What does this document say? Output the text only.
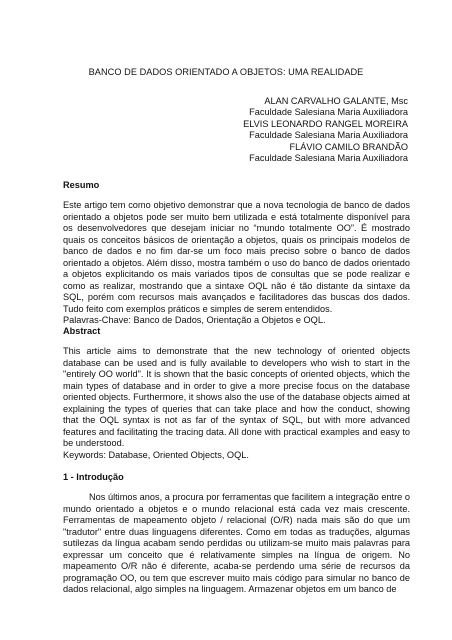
BANCO DE DADOS ORIENTADO A OBJETOS: UMA REALIDADE
ALAN CARVALHO GALANTE, Msc
Faculdade Salesiana Maria Auxiliadora
ELVIS LEONARDO RANGEL MOREIRA
Faculdade Salesiana Maria Auxiliadora
FLÁVIO CAMILO BRANDÃO
Faculdade Salesiana Maria Auxiliadora

Resumo

Este artigo tem como objetivo demonstrar que a nova tecnologia de banco de dados orientado a objetos pode ser muito bem utilizada e está totalmente disponível para os desenvolvedores que desejam iniciar no “mundo totalmente OO”. É mostrado quais os conceitos básicos de orientação a objetos, quais os principais modelos de banco de dados e no fim dar-se um foco mais preciso sobre o banco de dados orientado a objetos. Além disso, mostra também o uso do banco de dados orientado a objetos explicitando os mais variados tipos de consultas que se pode realizar e como as realizar, mostrando que a sintaxe OQL não é tão distante da sintaxe da SQL, porém com recursos mais avançados e facilitadores das buscas dos dados. Tudo feito com exemplos práticos e simples de serem entendidos.

Palavras-Chave: Banco de Dados, Orientação a Objetos e OQL.

Abstract

This article aims to demonstrate that the new technology of oriented objects database can be used and is fully available to developers who wish to start in the "entirely OO world". It is shown that the basic concepts of oriented objects, which the main types of database and in order to give a more precise focus on the database oriented objects. Furthermore, it shows also the use of the database objects aimed at explaining the types of queries that can take place and how the conduct, showing that the OQL syntax is not as far of the syntax of SQL, but with more advanced features and facilitating the tracing data. All done with practical examples and easy to be understood.

Keywords: Database, Oriented Objects, OQL.

1 - Introdução

Nos últimos anos, a procura por ferramentas que facilitem a integração entre o mundo orientado a objetos e o mundo relacional está cada vez mais crescente. Ferramentas de mapeamento objeto / relacional (O/R) nada mais são do que um "tradutor" entre duas linguagens diferentes. Como em todas as traduções, algumas sutilezas da língua acabam sendo perdidas ou utilizam-se muito mais palavras para expressar um conceito que é relativamente simples na língua de origem. No mapeamento O/R não é diferente, acaba-se perdendo uma série de recursos da programação OO, ou tem que escrever muito mais código para simular no banco de dados relacional, algo simples na linguagem. Armazenar objetos em um banco de
